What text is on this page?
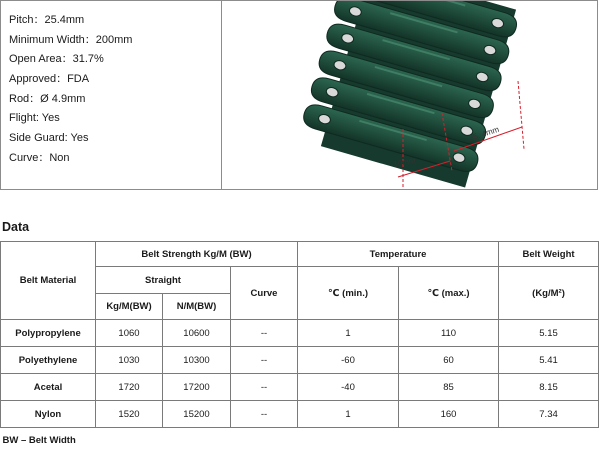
Pitch：25.4mm
Minimum Width：200mm
Open Area：31.7%
Approved：FDA
Rod：Ø 4.9mm
Flight: Yes
Side Guard: Yes
Curve：Non	10mm
25. 4mm
Data
Belt Material	Belt Strength Kg/M (BW)			Temperature		Belt Weight
	Straight		Curve	℃ (min.)	℃ (max.)	(Kg/M²)
	Kg/M(BW)	N/M(BW)				
Polypropylene	1060	10600	--	1	110	5.15
Polyethylene	1030	10300	--	-60	60	5.41
Acetal	1720	17200	--	-40	85	8.15
Nylon	1520	15200	--	1	160	7.34
BW – Belt Width						
